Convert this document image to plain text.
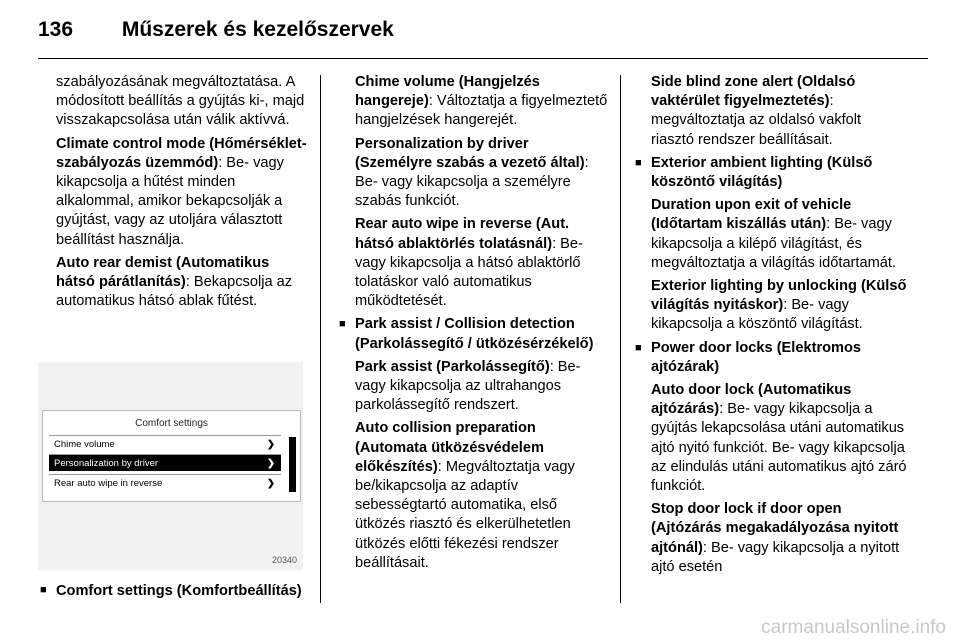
136 Műszerek és kezelőszervek

szabályozásának megváltoztatása. A módosított beállítás a gyújtás ki-, majd visszakapcsolása után válik aktívvá.

Climate control mode (Hőmérséklet-szabályozás üzemmód): Be- vagy kikapcsolja a hűtést minden alkalommal, amikor bekapcsolják a gyújtást, vagy az utoljára választott beállítást használja.

Auto rear demist (Automatikus hátsó párátlanítás): Bekapcsolja az automatikus hátsó ablak fűtést.

Comfort settings
Chime volume	❯
Personalization by driver	❯
Rear auto wipe in reverse	❯
20340
■ Comfort settings (Komfortbeállítás)

Chime volume (Hangjelzés hangereje): Változtatja a figyelmeztető hangjelzések hangerejét.

Personalization by driver (Személyre szabás a vezető által): Be- vagy kikapcsolja a személyre szabás funkciót.

Rear auto wipe in reverse (Aut. hátsó ablaktörlés tolatásnál): Be- vagy kikapcsolja a hátsó ablaktörlő tolatáskor való automatikus működtetését.

■ Park assist / Collision detection (Parkolássegítő / ütközésérzékelő)

Park assist (Parkolássegítő): Be- vagy kikapcsolja az ultrahangos parkolássegítő rendszert.

Auto collision preparation (Automata ütközésvédelem előkészítés): Megváltoztatja vagy be/kikapcsolja az adaptív sebességtartó automatika, első ütközés riasztó és elkerülhetetlen ütközés előtti fékezési rendszer beállításait.

Side blind zone alert (Oldalsó vaktérület figyelmeztetés): megváltoztatja az oldalsó vakfolt riasztó rendszer beállításait.

■ Exterior ambient lighting (Külső köszöntő világítás)

Duration upon exit of vehicle (Időtartam kiszállás után): Be- vagy kikapcsolja a kilépő világítást, és megváltoztatja a világítás időtartamát.

Exterior lighting by unlocking (Külső világítás nyitáskor): Be- vagy kikapcsolja a köszöntő világítást.

■ Power door locks (Elektromos ajtózárak)

Auto door lock (Automatikus ajtózárás): Be- vagy kikapcsolja a gyújtás lekapcsolása utáni automatikus ajtó nyitó funkciót. Be- vagy kikapcsolja az elindulás utáni automatikus ajtó záró funkciót.

Stop door lock if door open (Ajtózárás megakadályozása nyitott ajtónál): Be- vagy kikapcsolja a nyitott ajtó esetén

carmanualsonline.info
